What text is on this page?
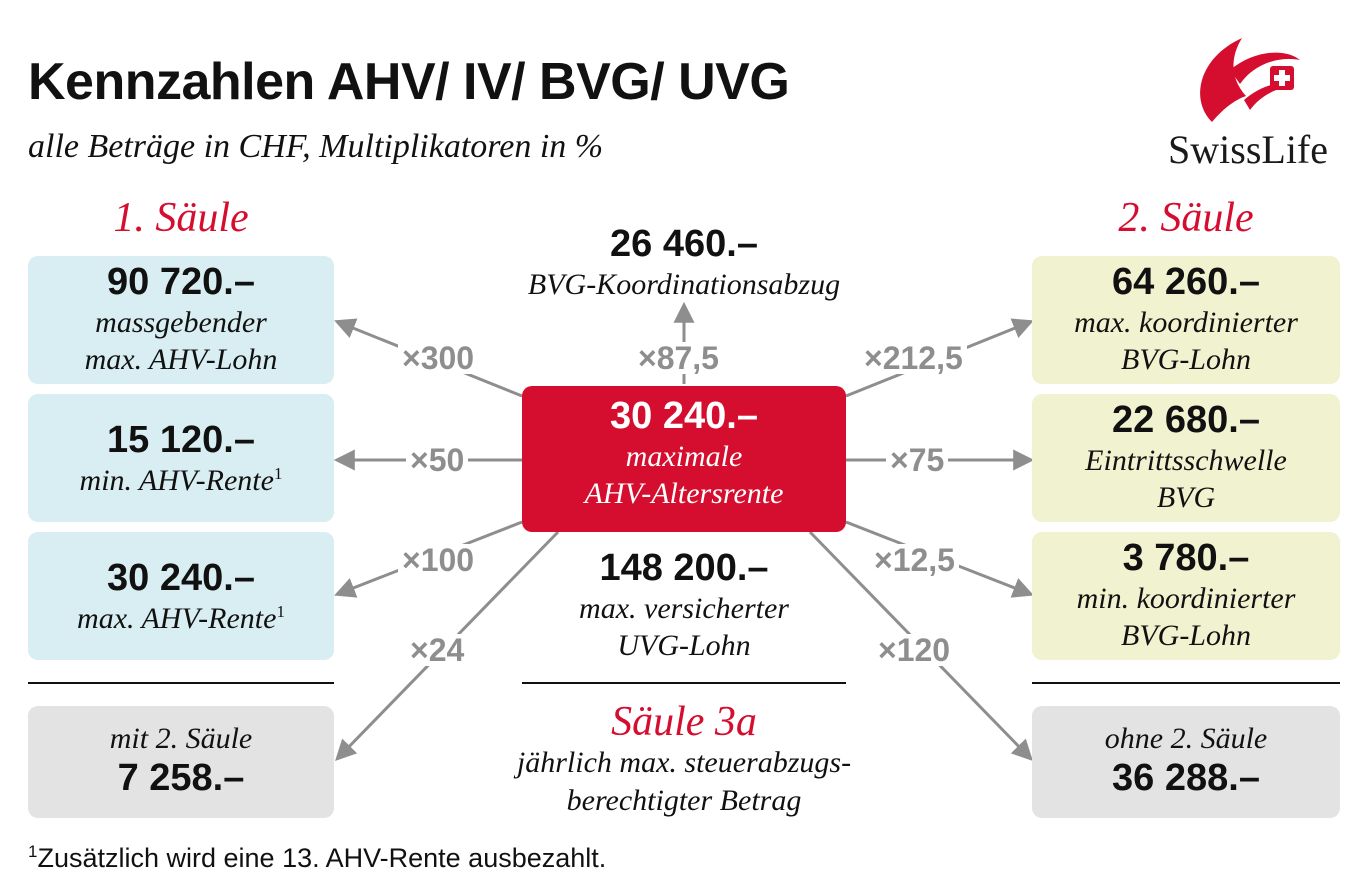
Kennzahlen AHV/ IV/ BVG/ UVG
alle Beträge in CHF, Multiplikatoren in %	SwissLife
×300	×87,5	×212,5
×50	×75
×100	×12,5
×24	×120
1. Säule
90 720.–
massgebender
max. AHV-Lohn
15 120.–
min. AHV-Rente$^1$
30 240.–
max. AHV-Rente$^1$
2. Säule
64 260.–
max. koordinierter
BVG-Lohn
22 680.–
Eintrittsschwelle
BVG
3 780.–
min. koordinierter
BVG-Lohn
26 460.–
BVG-Koordinationsabzug
30 240.–
maximale
AHV-Altersrente
148 200.–
max. versicherter
UVG-Lohn
Säule 3a
jährlich max. steuerabzugs-
berechtigter Betrag
mit 2. Säule
7 258.–
ohne 2. Säule
36 288.–
$^1$Zusätzlich wird eine 13. AHV-Rente ausbezahlt.
